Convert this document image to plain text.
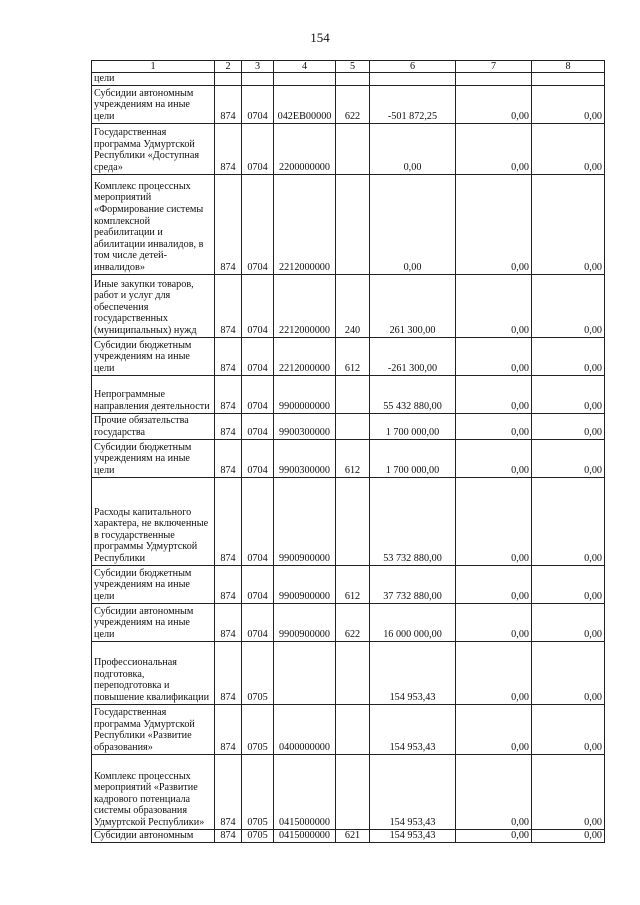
154
1	2	3	4	5	6	7	8
цели							
Субсидии автономным учреждениям на иные цели	874	0704	042EB00000	622	-501 872,25	0,00	0,00
Государственная программа Удмуртской Республики «Доступная среда»	874	0704	2200000000		0,00	0,00	0,00
Комплекс процессных мероприятий «Формирование системы комплексной реабилитации и абилитации инвалидов, в том числе детей-инвалидов»	874	0704	2212000000		0,00	0,00	0,00
Иные закупки товаров, работ и услуг для обеспечения государственных (муниципальных) нужд	874	0704	2212000000	240	261 300,00	0,00	0,00
Субсидии бюджетным учреждениям на иные цели	874	0704	2212000000	612	-261 300,00	0,00	0,00
Непрограммные направления деятельности	874	0704	9900000000		55 432 880,00	0,00	0,00
Прочие обязательства государства	874	0704	9900300000		1 700 000,00	0,00	0,00
Субсидии бюджетным учреждениям на иные цели	874	0704	9900300000	612	1 700 000,00	0,00	0,00
Расходы капитального характера, не включенные в государственные программы Удмуртской Республики	874	0704	9900900000		53 732 880,00	0,00	0,00
Субсидии бюджетным учреждениям на иные цели	874	0704	9900900000	612	37 732 880,00	0,00	0,00
Субсидии автономным учреждениям на иные цели	874	0704	9900900000	622	16 000 000,00	0,00	0,00
Профессиональная подготовка, переподготовка и повышение квалификации	874	0705			154 953,43	0,00	0,00
Государственная программа Удмуртской Республики «Развитие образования»	874	0705	0400000000		154 953,43	0,00	0,00
Комплекс процессных мероприятий «Развитие кадрового потенциала системы образования Удмуртской Республики»	874	0705	0415000000		154 953,43	0,00	0,00
Субсидии автономным	874	0705	0415000000	621	154 953,43	0,00	0,00
